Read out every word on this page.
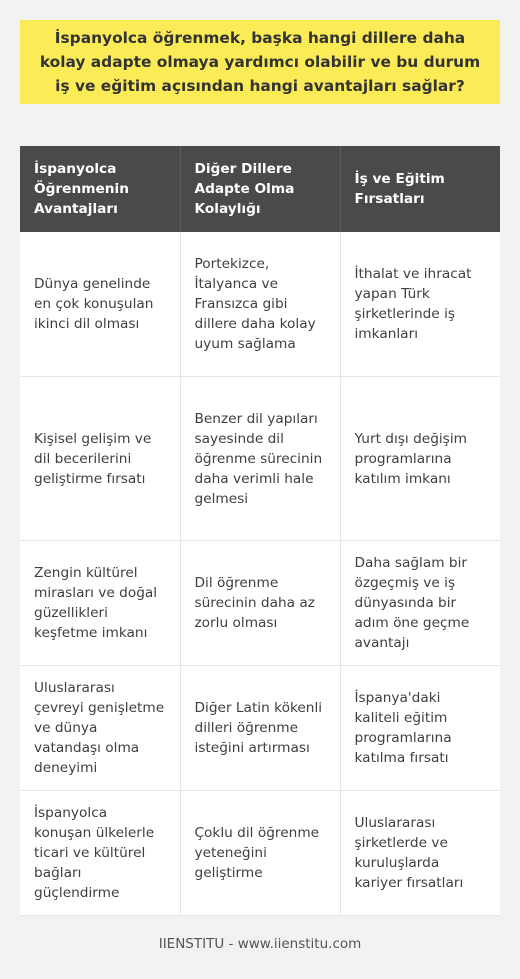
İspanyolca öğrenmek, başka hangi dillere daha kolay adapte olmaya yardımcı olabilir ve bu durum iş ve eğitim açısından hangi avantajları sağlar?
İspanyolca Öğrenmenin Avantajları	Diğer Dillere Adapte Olma Kolaylığı	İş ve Eğitim Fırsatları
Dünya genelinde en çok konuşulan ikinci dil olması	Portekizce, İtalyanca ve Fransızca gibi dillere daha kolay uyum sağlama	İthalat ve ihracat yapan Türk şirketlerinde iş imkanları
Kişisel gelişim ve dil becerilerini geliştirme fırsatı	Benzer dil yapıları sayesinde dil öğrenme sürecinin daha verimli hale gelmesi	Yurt dışı değişim programlarına katılım imkanı
Zengin kültürel mirasları ve doğal güzellikleri keşfetme imkanı	Dil öğrenme sürecinin daha az zorlu olması	Daha sağlam bir özgeçmiş ve iş dünyasında bir adım öne geçme avantajı
Uluslararası çevreyi genişletme ve dünya vatandaşı olma deneyimi	Diğer Latin kökenli dilleri öğrenme isteğini artırması	İspanya'daki kaliteli eğitim programlarına katılma fırsatı
İspanyolca konuşan ülkelerle ticari ve kültürel bağları güçlendirme	Çoklu dil öğrenme yeteneğini geliştirme	Uluslararası şirketlerde ve kuruluşlarda kariyer fırsatları
IIENSTITU - www.iienstitu.com
